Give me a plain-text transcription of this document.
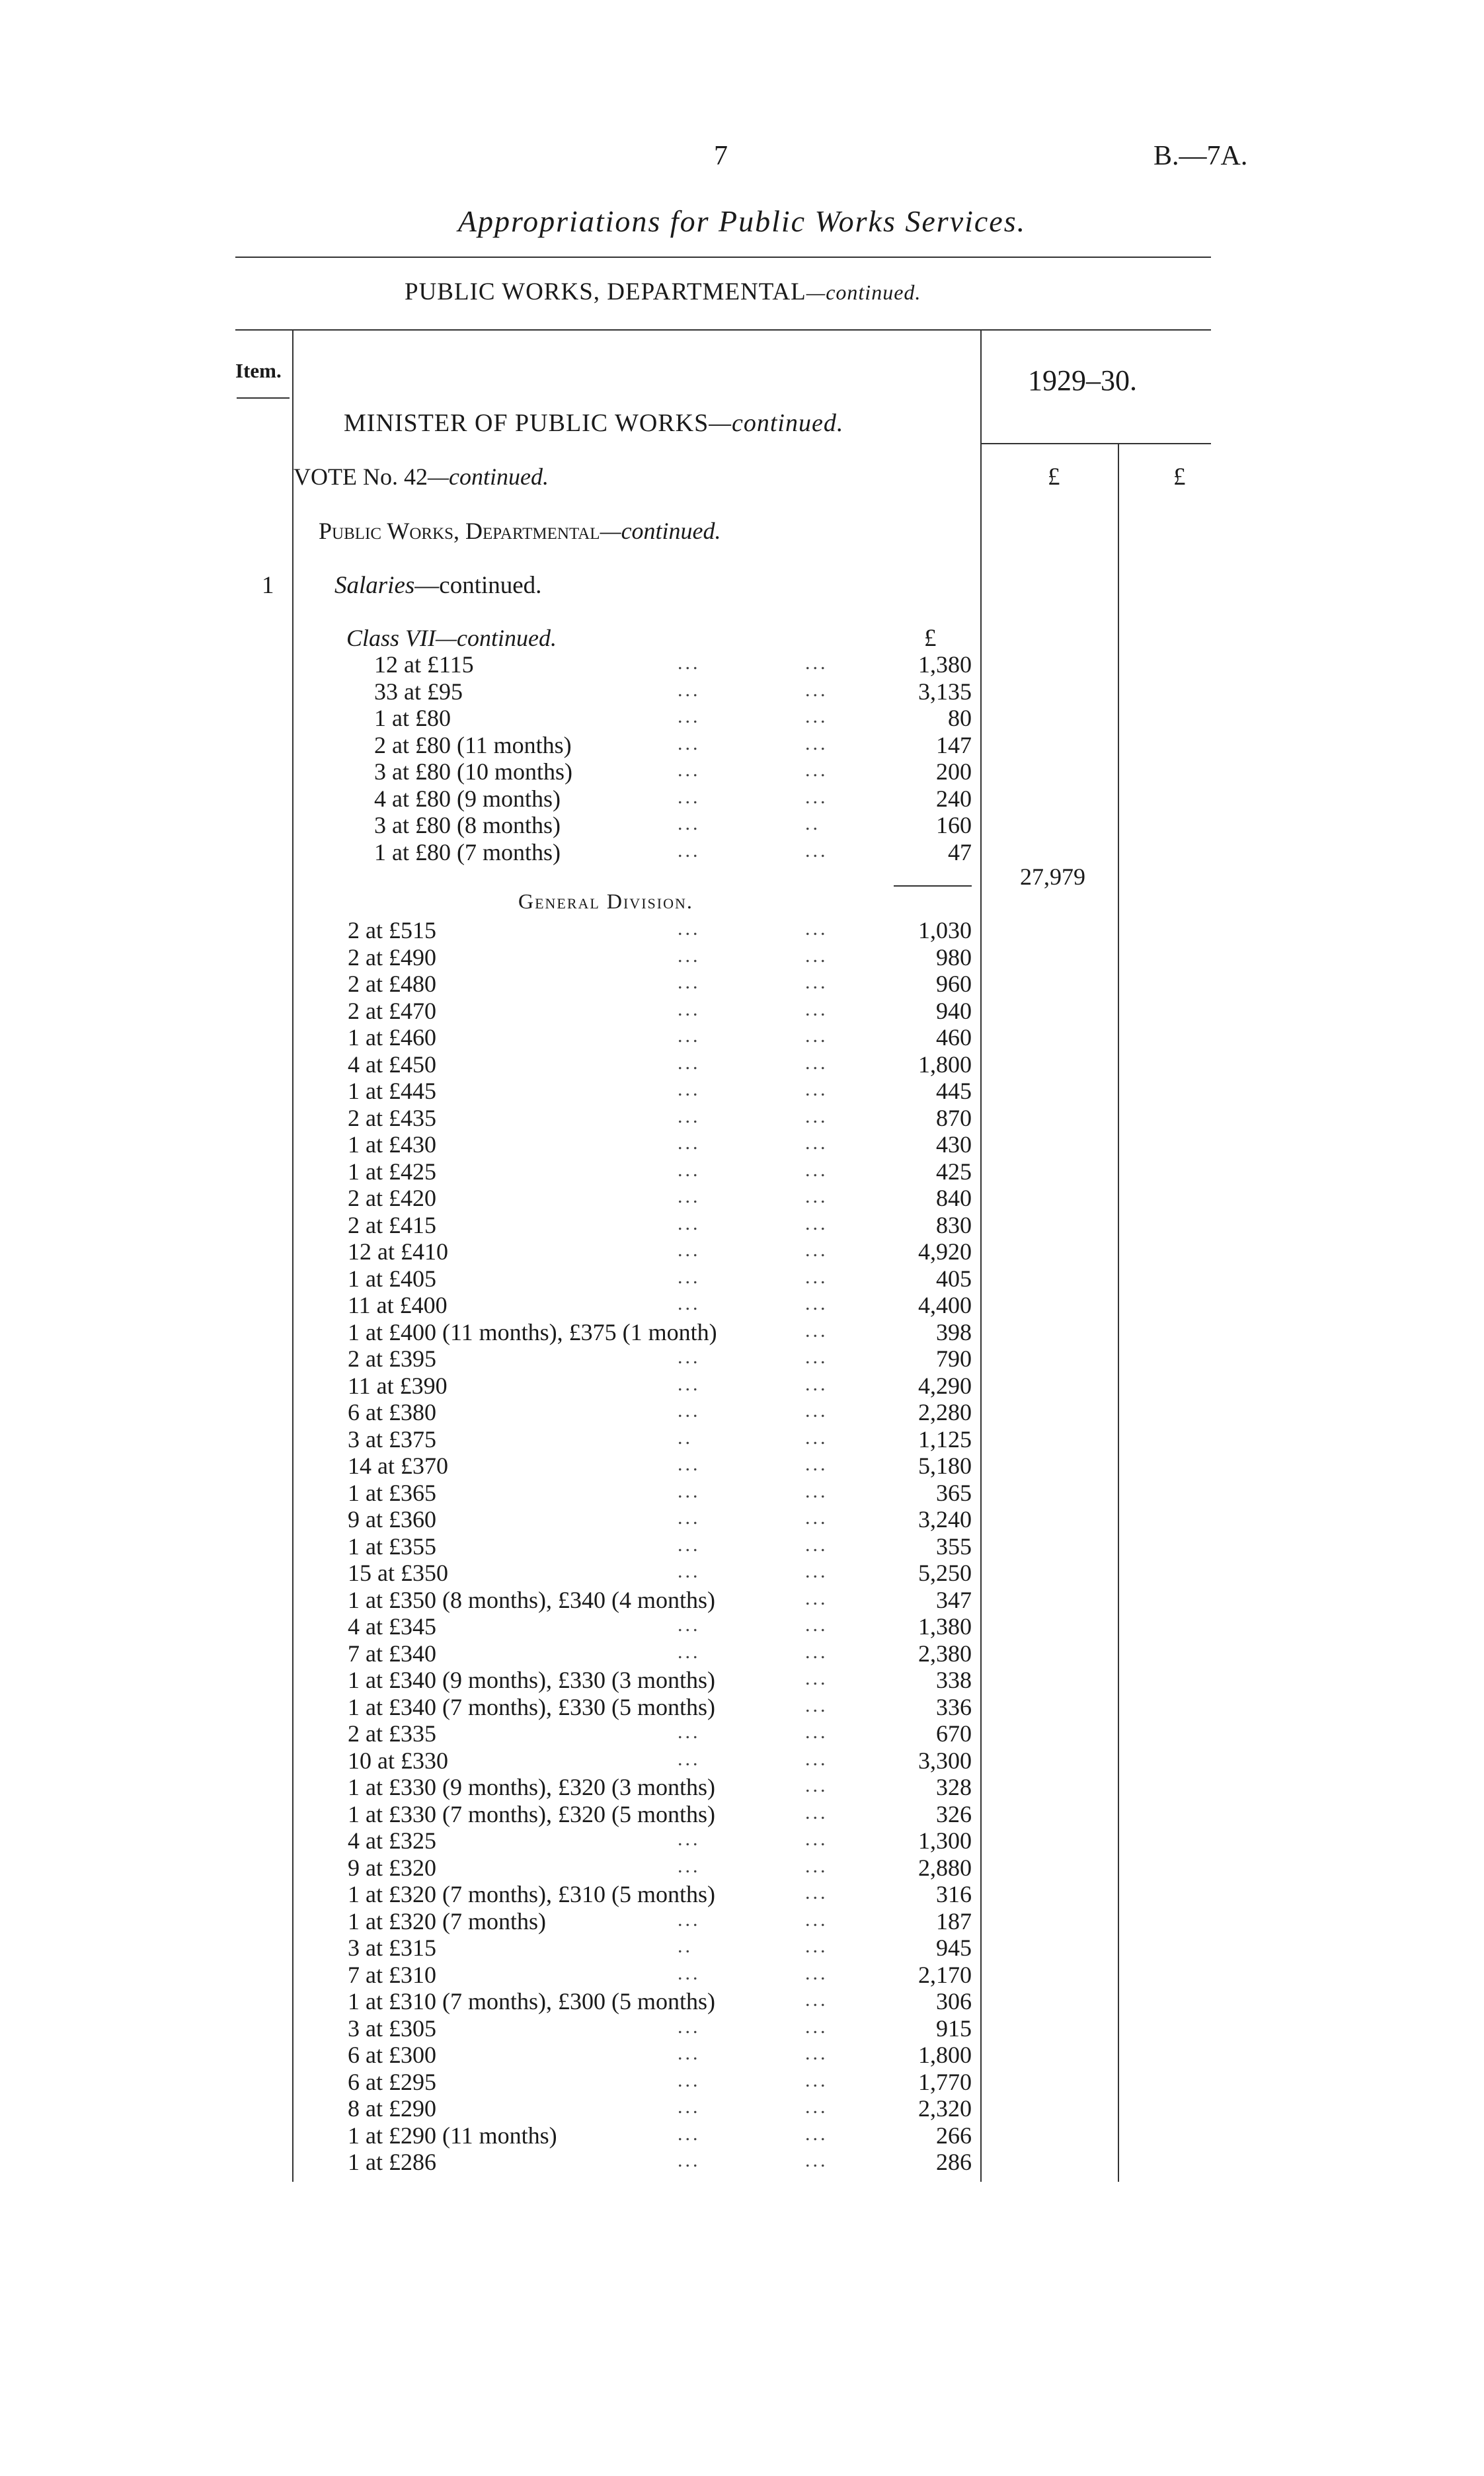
7	B.—7A.
Appropriations for Public Works Services.
PUBLIC WORKS, DEPARTMENTAL—continued.
Item.	1929–30.
£	£
MINISTER OF PUBLIC WORKS—continued.
VOTE No. 42—continued.
Public Works, Departmental—continued.
1 Salaries—continued.
Class VII—continued.	£
12 at £115	...	...	1,380
33 at £95	...	...	3,135
1 at £80	...	...	80
2 at £80 (11 months)	...	...	147
3 at £80 (10 months)	...	...	200
4 at £80 (9 months)	...	...	240
3 at £80 (8 months)	...	..	160
1 at £80 (7 months)	...	...	47
27,979
General Division.
2 at £515	...	...	1,030
2 at £490	...	...	980
2 at £480	...	...	960
2 at £470	...	...	940
1 at £460	...	...	460
4 at £450	...	...	1,800
1 at £445	...	...	445
2 at £435	...	...	870
1 at £430	...	...	430
1 at £425	...	...	425
2 at £420	...	...	840
2 at £415	...	...	830
12 at £410	...	...	4,920
1 at £405	...	...	405
11 at £400	...	...	4,400
1 at £400 (11 months), £375 (1 month)	...	398
2 at £395	...	...	790
11 at £390	...	...	4,290
6 at £380	...	...	2,280
3 at £375	..	...	1,125
14 at £370	...	...	5,180
1 at £365	...	...	365
9 at £360	...	...	3,240
1 at £355	...	...	355
15 at £350	...	...	5,250
1 at £350 (8 months), £340 (4 months)	...	347
4 at £345	...	...	1,380
7 at £340	...	...	2,380
1 at £340 (9 months), £330 (3 months)	...	338
1 at £340 (7 months), £330 (5 months)	...	336
2 at £335	...	...	670
10 at £330	...	...	3,300
1 at £330 (9 months), £320 (3 months)	...	328
1 at £330 (7 months), £320 (5 months)	...	326
4 at £325	...	...	1,300
9 at £320	...	...	2,880
1 at £320 (7 months), £310 (5 months)	...	316
1 at £320 (7 months)	...	...	187
3 at £315	..	...	945
7 at £310	...	...	2,170
1 at £310 (7 months), £300 (5 months)	...	306
3 at £305	...	...	915
6 at £300	...	...	1,800
6 at £295	...	...	1,770
8 at £290	...	...	2,320
1 at £290 (11 months)	...	...	266
1 at £286	...	...	286
